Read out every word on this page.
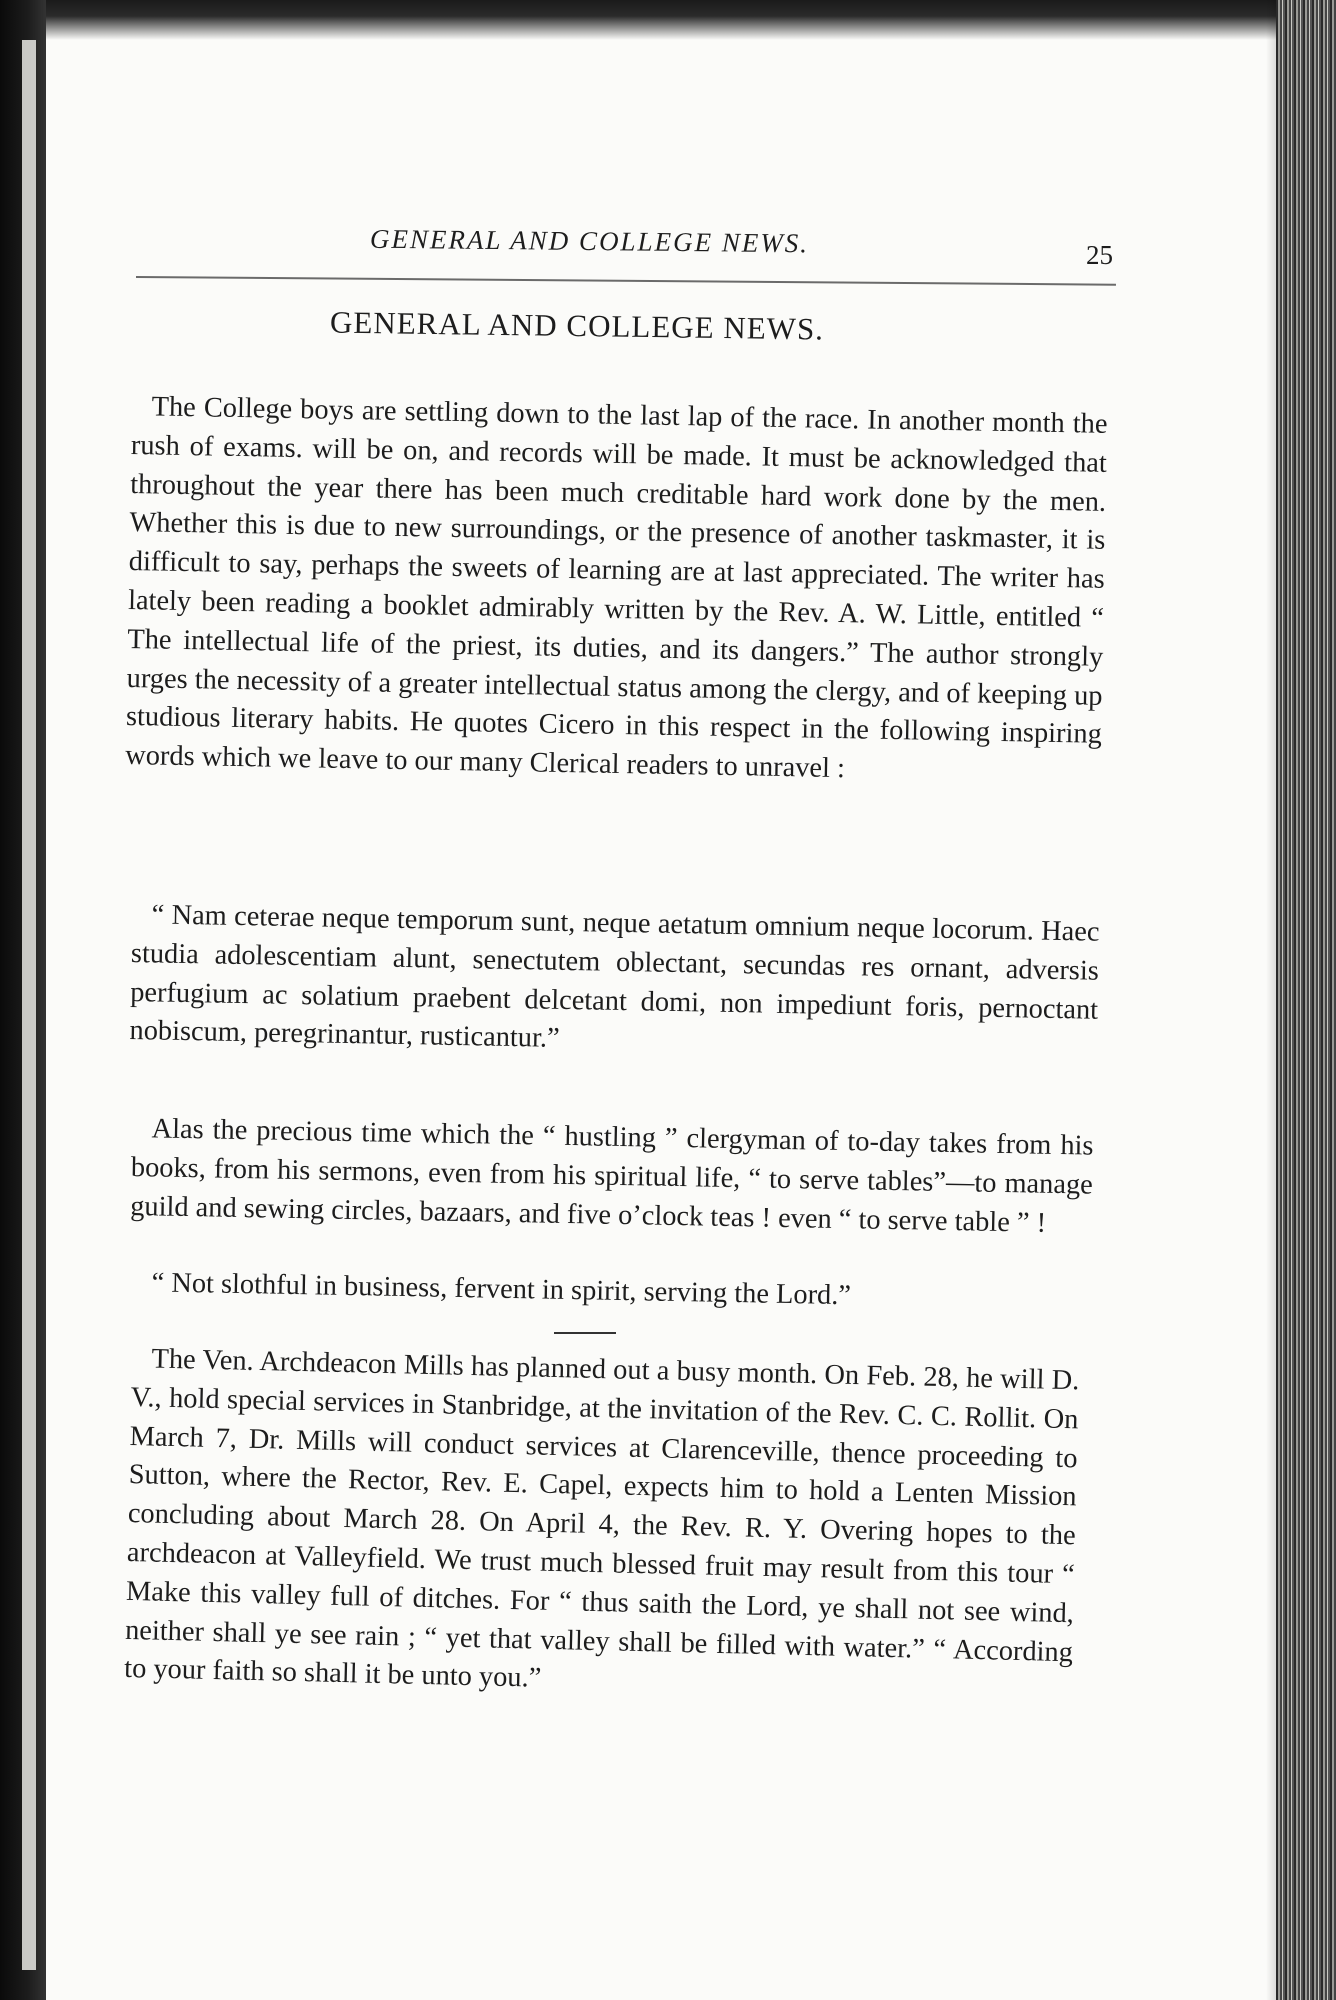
GENERAL AND COLLEGE NEWS.	25
GENERAL AND COLLEGE NEWS.

The College boys are settling down to the last lap of the race. In another month the rush of exams. will be on, and records will be made. It must be acknowledged that throughout the year there has been much creditable hard work done by the men. Whether this is due to new surroundings, or the presence of another taskmaster, it is difficult to say, perhaps the sweets of learning are at last appreciated. The writer has lately been reading a booklet admirably written by the Rev. A. W. Little, entitled “ The intellectual life of the priest, its duties, and its dangers.” The author strongly urges the necessity of a greater intellectual status among the clergy, and of keeping up studious literary habits. He quotes Cicero in this respect in the following inspiring words which we leave to our many Clerical readers to unravel :

“ Nam ceterae neque temporum sunt, neque aetatum omnium neque locorum. Haec studia adolescentiam alunt, senectutem oblectant, secundas res ornant, adversis perfugium ac solatium praebent delcetant domi, non impediunt foris, pernoctant nobiscum, peregrinantur, rusticantur.”

Alas the precious time which the “ hustling ” clergyman of to-day takes from his books, from his sermons, even from his spiritual life, “ to serve tables”—to manage guild and sewing circles, bazaars, and five o’clock teas ! even “ to serve table ” !

“ Not slothful in business, fervent in spirit, serving the Lord.”

The Ven. Archdeacon Mills has planned out a busy month. On Feb. 28, he will D. V., hold special services in Stanbridge, at the invitation of the Rev. C. C. Rollit. On March 7, Dr. Mills will conduct services at Clarenceville, thence proceeding to Sutton, where the Rector, Rev. E. Capel, expects him to hold a Lenten Mission concluding about March 28. On April 4, the Rev. R. Y. Overing hopes to the archdeacon at Valleyfield. We trust much blessed fruit may result from this tour “ Make this valley full of ditches. For “ thus saith the Lord, ye shall not see wind, neither shall ye see rain ; “ yet that valley shall be filled with water.” “ According to your faith so shall it be unto you.”
